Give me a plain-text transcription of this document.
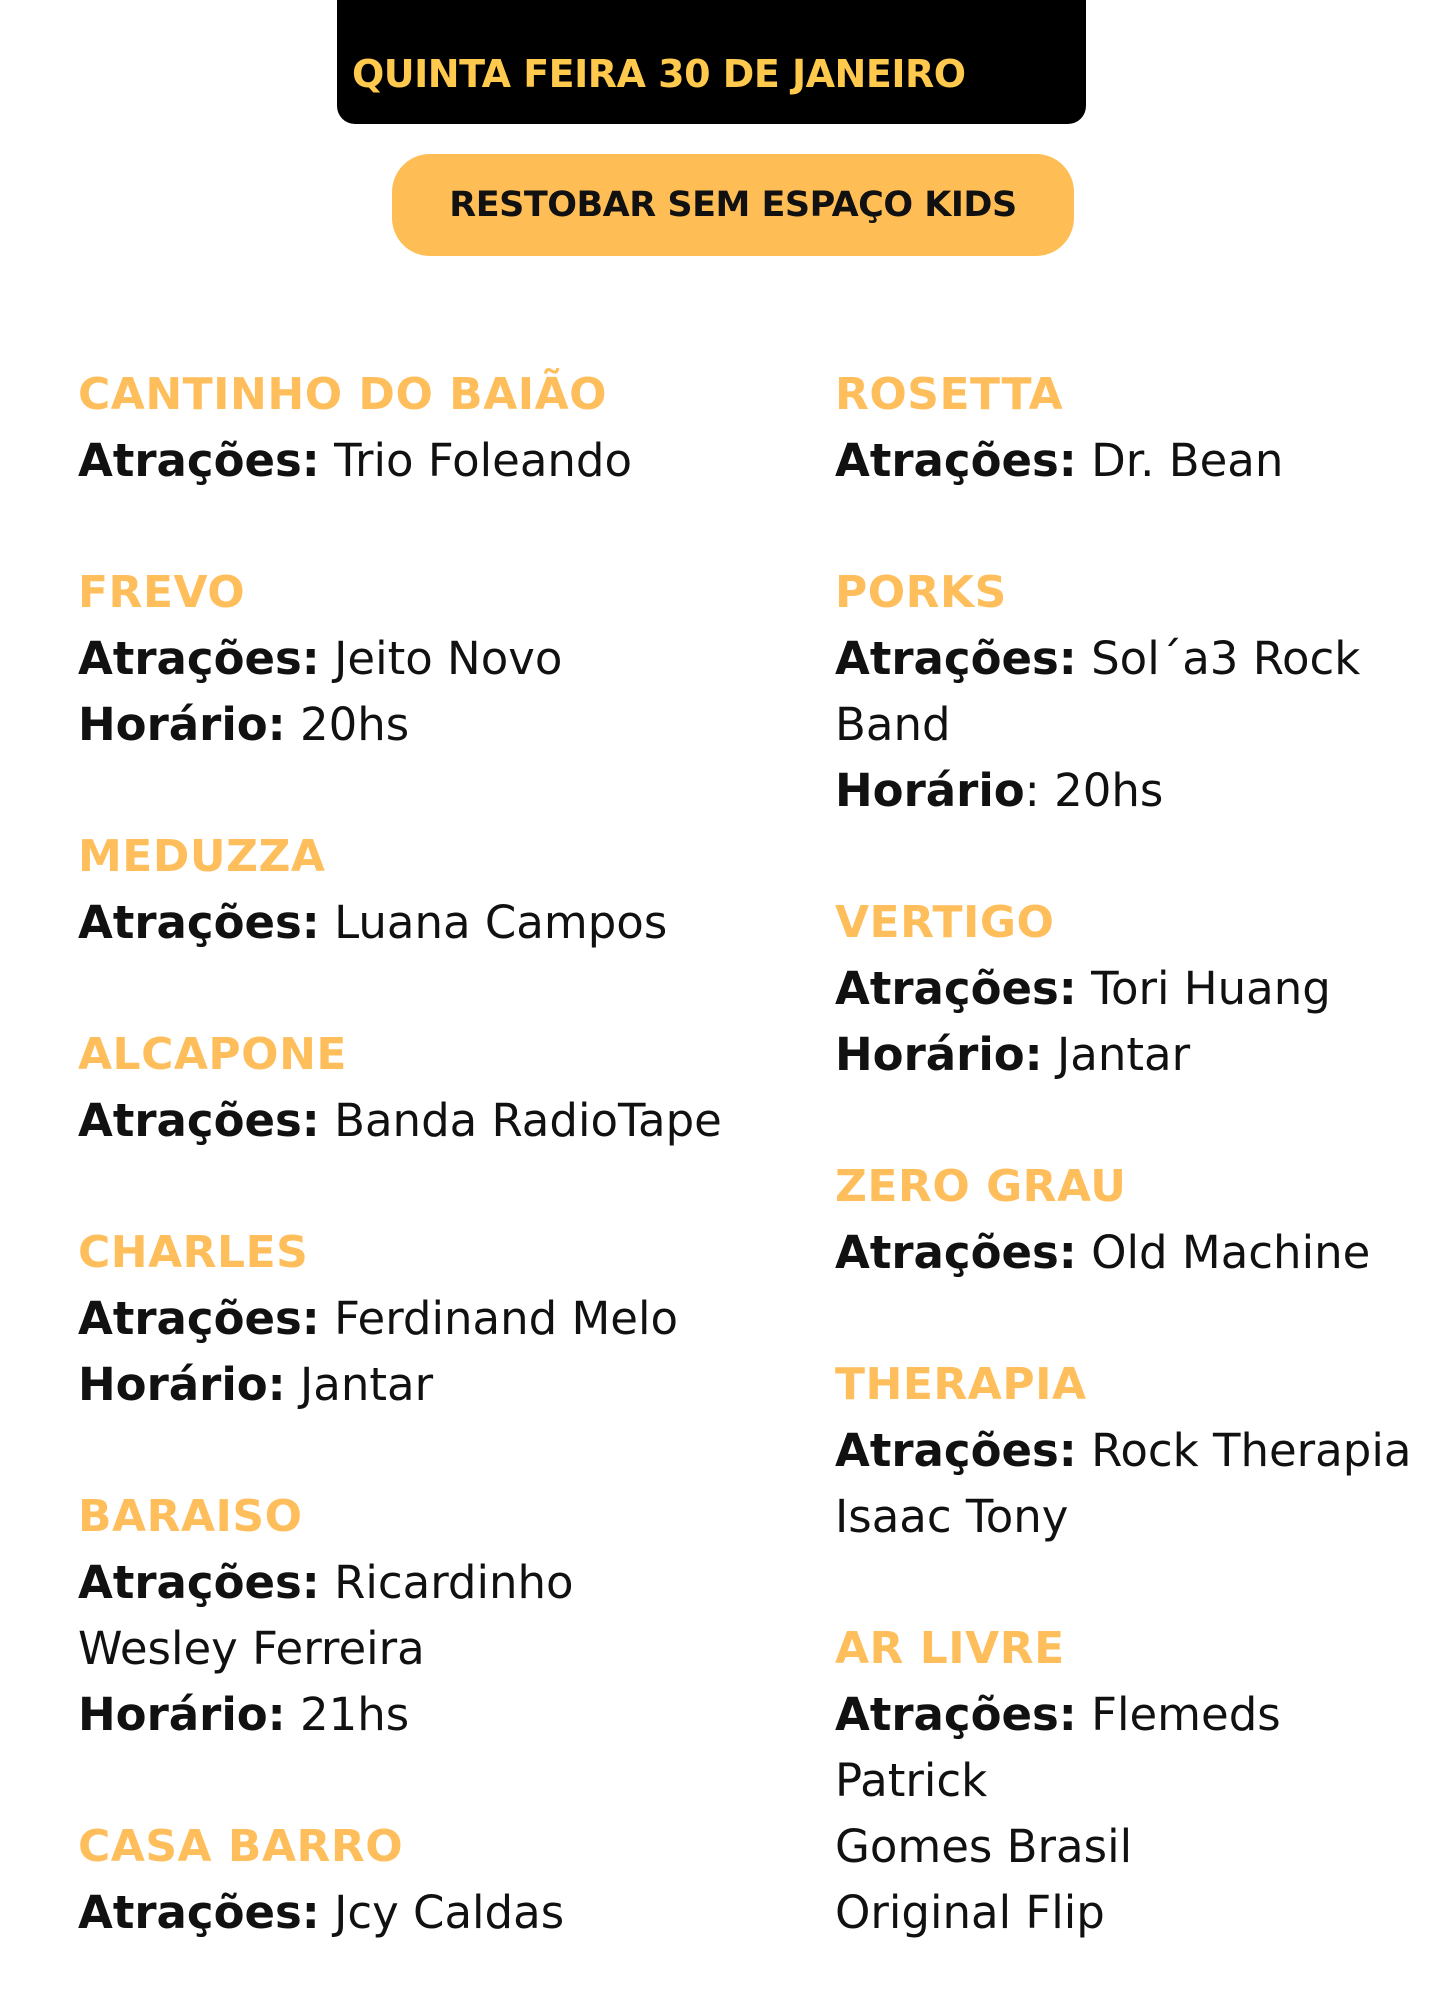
QUINTA FEIRA 30 DE JANEIRO
RESTOBAR SEM ESPAÇO KIDS
CANTINHO DO BAIÃO
Atrações: Trio Foleando
FREVO
Atrações: Jeito Novo
Horário: 20hs
MEDUZZA
Atrações: Luana Campos
ALCAPONE
Atrações: Banda RadioTape
CHARLES
Atrações: Ferdinand Melo
Horário: Jantar
BARAISO
Atrações: Ricardinho
Wesley Ferreira
Horário: 21hs
CASA BARRO
Atrações: Jcy Caldas
ROSETTA
Atrações: Dr. Bean
PORKS
Atrações: Sol´a3 Rock
Band
Horário: 20hs
VERTIGO
Atrações: Tori Huang
Horário: Jantar
ZERO GRAU
Atrações: Old Machine
THERAPIA
Atrações: Rock Therapia
Isaac Tony
AR LIVRE
Atrações: Flemeds
Patrick
Gomes Brasil
Original Flip
